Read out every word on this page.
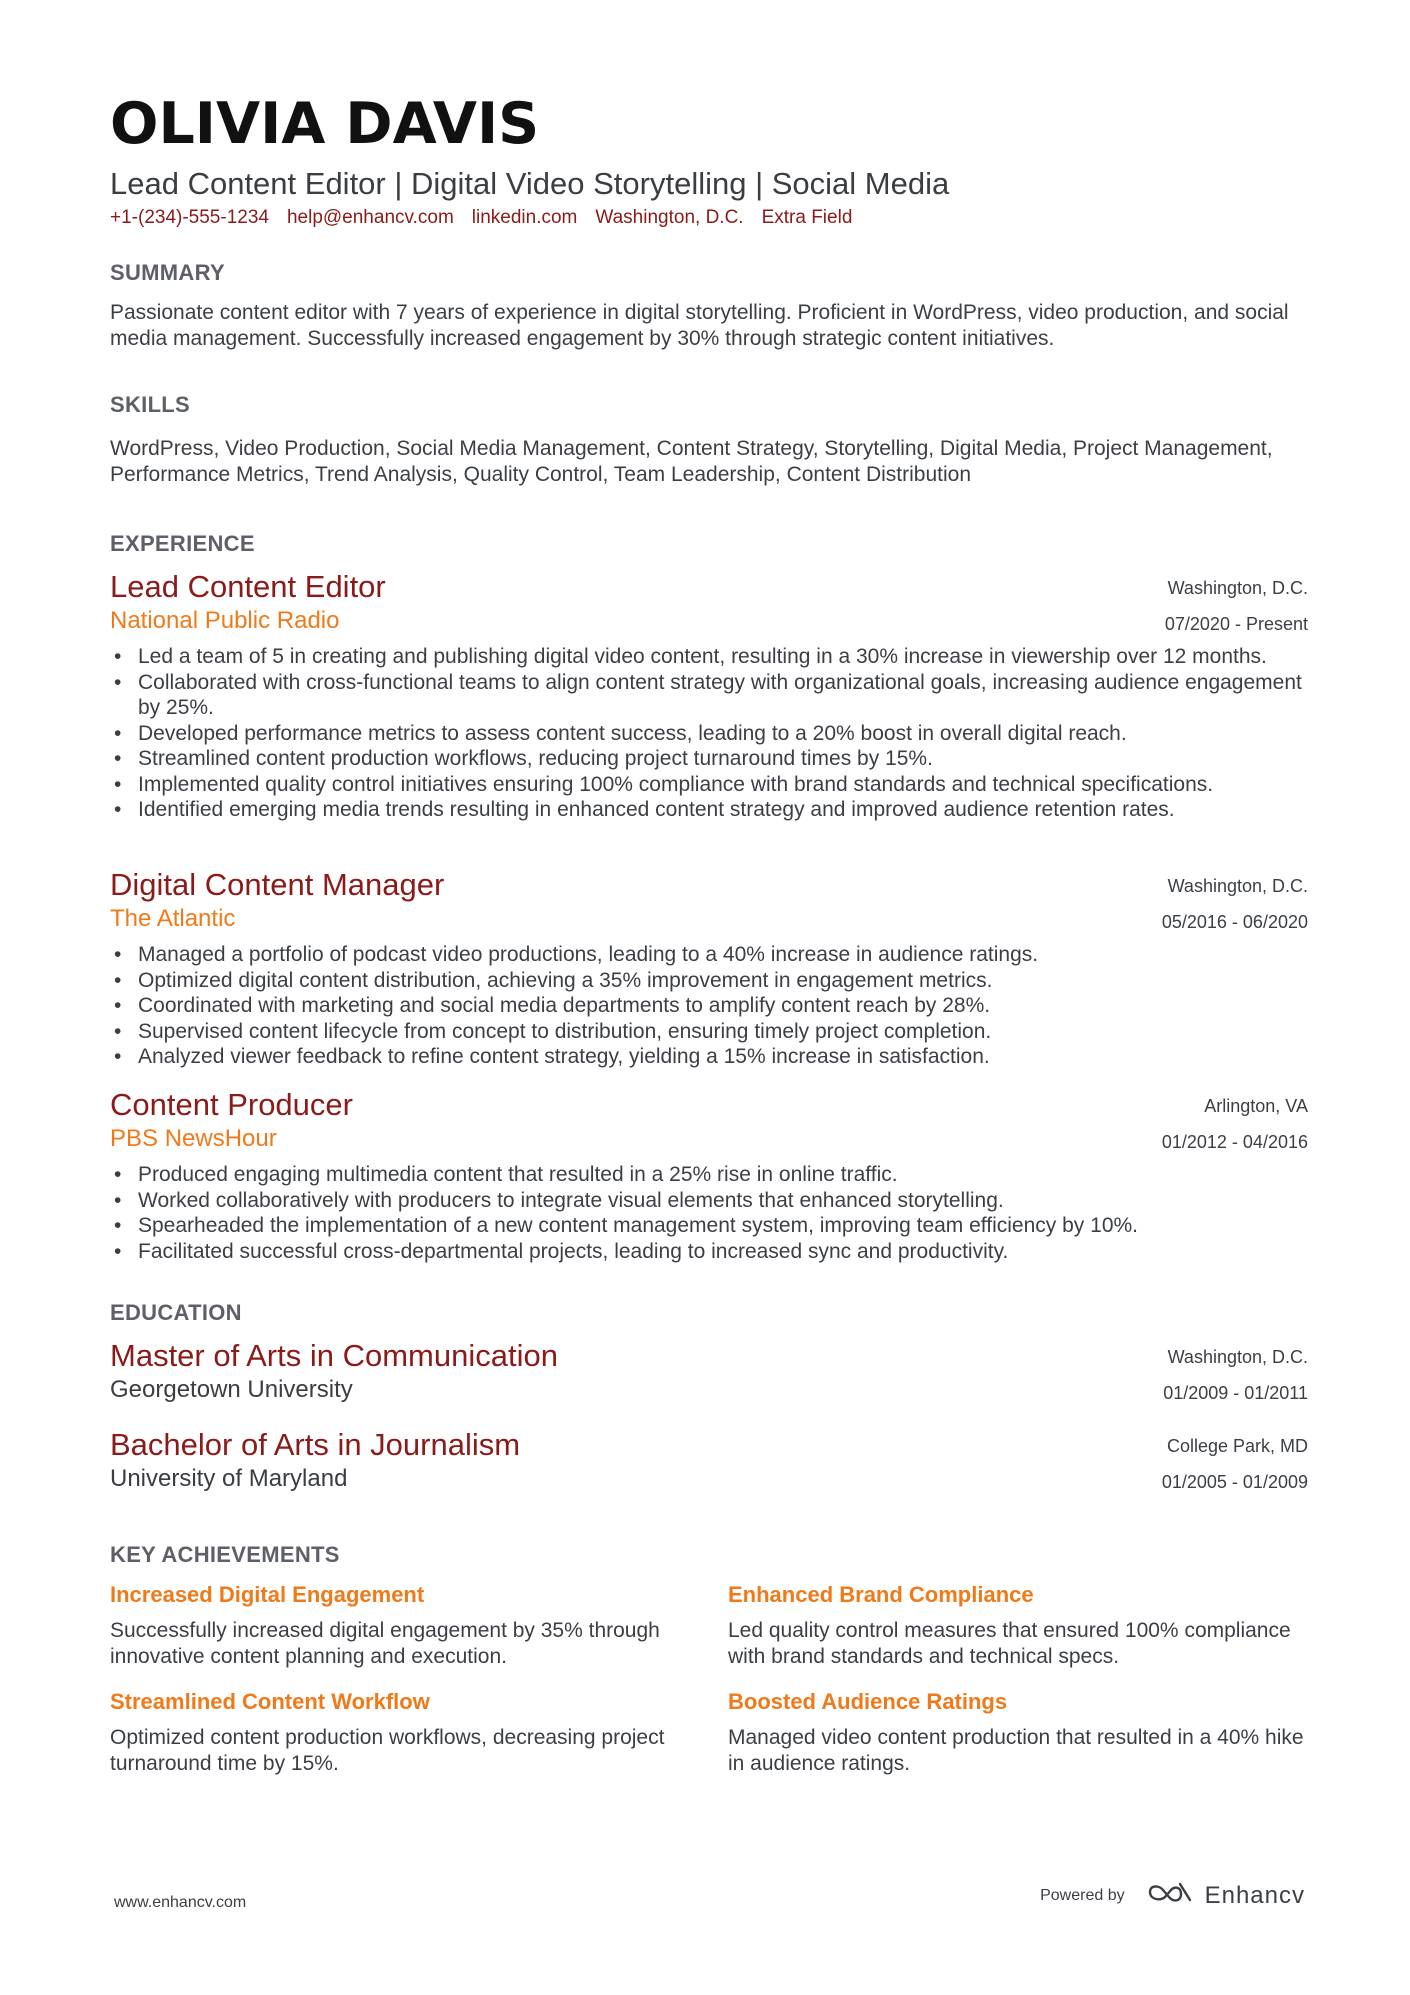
OLIVIA DAVIS
Lead Content Editor | Digital Video Storytelling | Social Media
+1-(234)-555-1234 help@enhancv.com linkedin.com Washington, D.C. Extra Field
SUMMARY
Passionate content editor with 7 years of experience in digital storytelling. Proficient in WordPress, video production, and social media management. Successfully increased engagement by 30% through strategic content initiatives.
SKILLS
WordPress, Video Production, Social Media Management, Content Strategy, Storytelling, Digital Media, Project Management, Performance Metrics, Trend Analysis, Quality Control, Team Leadership, Content Distribution
EXPERIENCE
Lead Content Editor
National Public Radio
Washington, D.C.
07/2020 - Present
• Led a team of 5 in creating and publishing digital video content, resulting in a 30% increase in viewership over 12 months.
• Collaborated with cross-functional teams to align content strategy with organizational goals, increasing audience engagement by 25%.
• Developed performance metrics to assess content success, leading to a 20% boost in overall digital reach.
• Streamlined content production workflows, reducing project turnaround times by 15%.
• Implemented quality control initiatives ensuring 100% compliance with brand standards and technical specifications.
• Identified emerging media trends resulting in enhanced content strategy and improved audience retention rates.
Digital Content Manager
The Atlantic
Washington, D.C.
05/2016 - 06/2020
• Managed a portfolio of podcast video productions, leading to a 40% increase in audience ratings.
• Optimized digital content distribution, achieving a 35% improvement in engagement metrics.
• Coordinated with marketing and social media departments to amplify content reach by 28%.
• Supervised content lifecycle from concept to distribution, ensuring timely project completion.
• Analyzed viewer feedback to refine content strategy, yielding a 15% increase in satisfaction.
Content Producer
PBS NewsHour
Arlington, VA
01/2012 - 04/2016
• Produced engaging multimedia content that resulted in a 25% rise in online traffic.
• Worked collaboratively with producers to integrate visual elements that enhanced storytelling.
• Spearheaded the implementation of a new content management system, improving team efficiency by 10%.
• Facilitated successful cross-departmental projects, leading to increased sync and productivity.
EDUCATION
Master of Arts in Communication
Georgetown University
Washington, D.C.
01/2009 - 01/2011
Bachelor of Arts in Journalism
University of Maryland
College Park, MD
01/2005 - 01/2009
KEY ACHIEVEMENTS
Increased Digital Engagement
Successfully increased digital engagement by 35% through innovative content planning and execution.
Enhanced Brand Compliance
Led quality control measures that ensured 100% compliance with brand standards and technical specs.
Streamlined Content Workflow
Optimized content production workflows, decreasing project turnaround time by 15%.
Boosted Audience Ratings
Managed video content production that resulted in a 40% hike in audience ratings.
www.enhancv.com	Powered by	Enhancv
